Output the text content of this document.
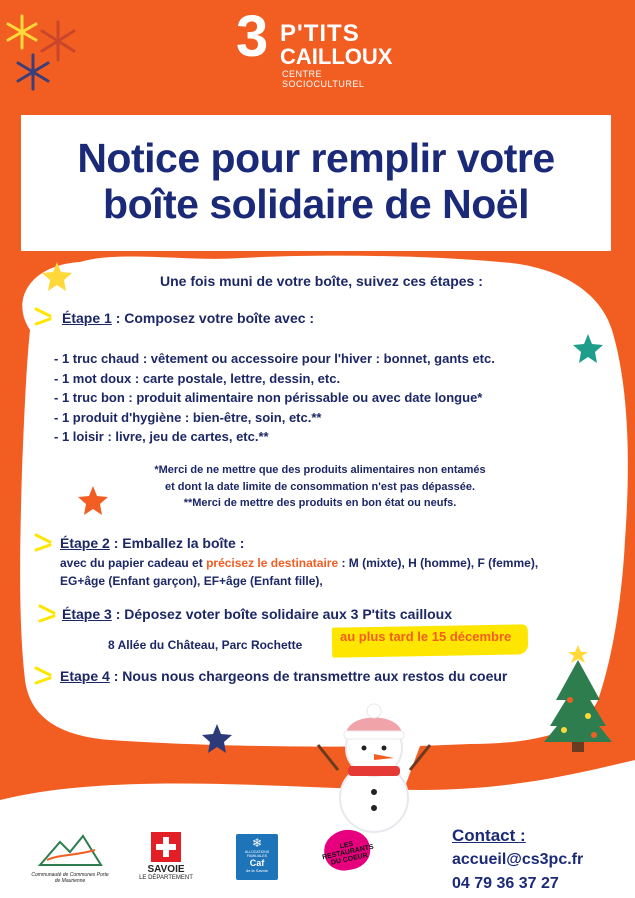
3 P'TITS
CAILLOUX
CENTRE SOCIOCULTUREL
Notice pour remplir votre
boîte solidaire de Noël
Une fois muni de votre boîte, suivez ces étapes :
Étape 1 : Composez votre boîte avec :
- 1 truc chaud : vêtement ou accessoire pour l'hiver : bonnet, gants etc.
- 1 mot doux : carte postale, lettre, dessin, etc.
- 1 truc bon : produit alimentaire non périssable ou avec date longue*
- 1 produit d'hygiène : bien-être, soin, etc.**
- 1 loisir : livre, jeu de cartes, etc.**
*Merci de ne mettre que des produits alimentaires non entamés
et dont la date limite de consommation n'est pas dépassée.
**Merci de mettre des produits en bon état ou neufs.
Étape 2 : Emballez la boîte :
avec du papier cadeau et précisez le destinataire : M (mixte), H (homme), F (femme),
EG+âge (Enfant garçon), EF+âge (Enfant fille),
Étape 3 : Déposez voter boîte solidaire aux 3 P'tits cailloux
8 Allée du Château, Parc Rochette
au plus tard le 15 décembre
Etape 4 : Nous nous chargeons de transmettre aux restos du coeur
Communauté de Communes Porte de Maurienne
SAVOIE
LE DÉPARTEMENT
❄
ALLOCATIONS FAMILIALES
Caf
de la Savoie
LES RESTAURANTS DU COEUR
Contact :
accueil@cs3pc.fr
04 79 36 37 27
